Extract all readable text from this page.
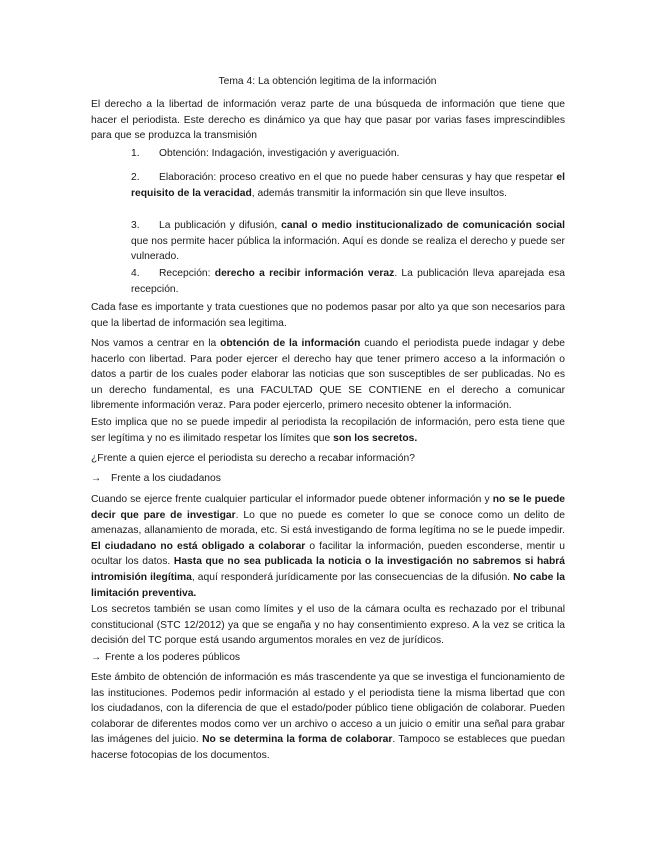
Tema 4: La obtención legitima de la información

El derecho a la libertad de información veraz parte de una búsqueda de información que tiene que hacer el periodista. Este derecho es dinámico ya que hay que pasar por varias fases imprescindibles para que se produzca la transmisión

1. Obtención: Indagación, investigación y averiguación.

2. Elaboración: proceso creativo en el que no puede haber censuras y hay que respetar el requisito de la veracidad, además transmitir la información sin que lleve insultos.

3. La publicación y difusión, canal o medio institucionalizado de comunicación social que nos permite hacer pública la información. Aquí es donde se realiza el derecho y puede ser vulnerado.

4. Recepción: derecho a recibir información veraz. La publicación lleva aparejada esa recepción.

Cada fase es importante y trata cuestiones que no podemos pasar por alto ya que son necesarios para que la libertad de información sea legitima.

Nos vamos a centrar en la obtención de la información cuando el periodista puede indagar y debe hacerlo con libertad. Para poder ejercer el derecho hay que tener primero acceso a la información o datos a partir de los cuales poder elaborar las noticias que son susceptibles de ser publicadas. No es un derecho fundamental, es una FACULTAD QUE SE CONTIENE en el derecho a comunicar libremente información veraz. Para poder ejercerlo, primero necesito obtener la información.

Esto implica que no se puede impedir al periodista la recopilación de información, pero esta tiene que ser legítima y no es ilimitado respetar los límites que son los secretos.

¿Frente a quien ejerce el periodista su derecho a recabar información?

→ Frente a los ciudadanos

Cuando se ejerce frente cualquier particular el informador puede obtener información y no se le puede decir que pare de investigar. Lo que no puede es cometer lo que se conoce como un delito de amenazas, allanamiento de morada, etc. Si está investigando de forma legítima no se le puede impedir. El ciudadano no está obligado a colaborar o facilitar la información, pueden esconderse, mentir u ocultar los datos. Hasta que no sea publicada la noticia o la investigación no sabremos si habrá intromisión ilegítima, aquí responderá jurídicamente por las consecuencias de la difusión. No cabe la limitación preventiva.

Los secretos también se usan como límites y el uso de la cámara oculta es rechazado por el tribunal constitucional (STC 12/2012) ya que se engaña y no hay consentimiento expreso. A la vez se critica la decisión del TC porque está usando argumentos morales en vez de jurídicos.

→ Frente a los poderes públicos

Este ámbito de obtención de información es más trascendente ya que se investiga el funcionamiento de las instituciones. Podemos pedir información al estado y el periodista tiene la misma libertad que con los ciudadanos, con la diferencia de que el estado/poder público tiene obligación de colaborar. Pueden colaborar de diferentes modos como ver un archivo o acceso a un juicio o emitir una señal para grabar las imágenes del juicio. No se determina la forma de colaborar. Tampoco se estableces que puedan hacerse fotocopias de los documentos.
